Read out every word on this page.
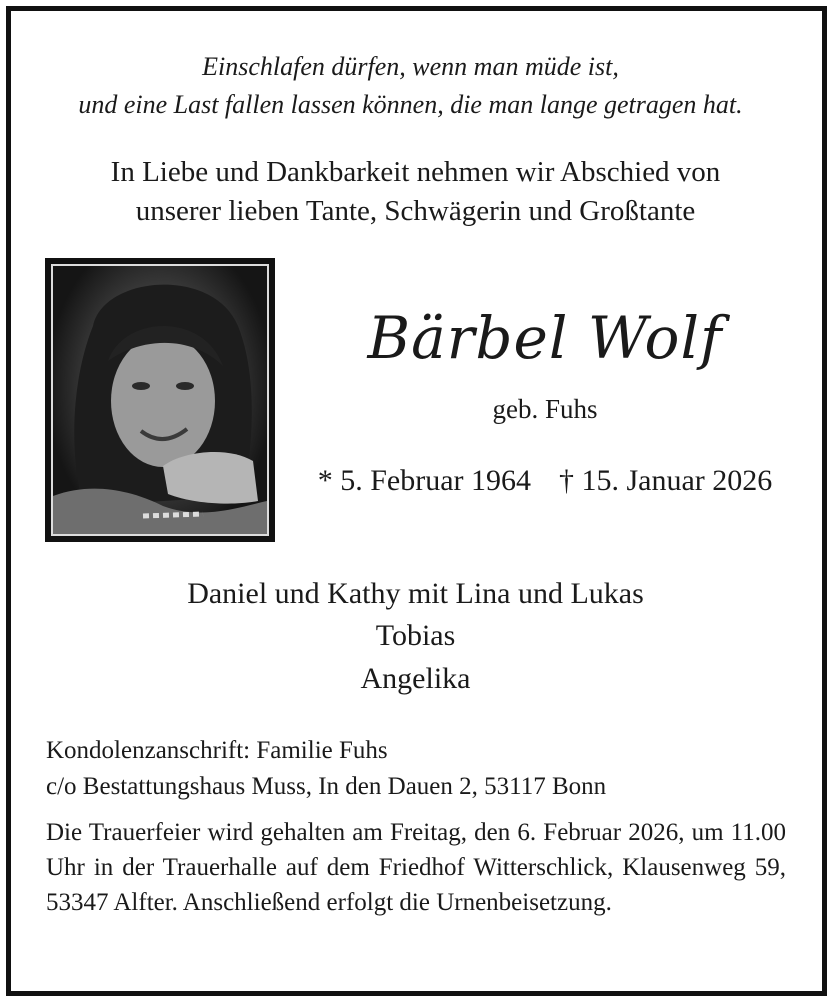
Einschlafen dürfen, wenn man müde ist,
und eine Last fallen lassen können, die man lange getragen hat.
In Liebe und Dankbarkeit nehmen wir Abschied von
unserer lieben Tante, Schwägerin und Großtante
Bärbel Wolf
geb. Fuhs
* 5. Februar 1964 † 15. Januar 2026
Daniel und Kathy mit Lina und Lukas
Tobias
Angelika
Kondolenzanschrift: Familie Fuhs
c/o Bestattungshaus Muss, In den Dauen 2, 53117 Bonn
Die Trauerfeier wird gehalten am Freitag, den 6. Februar 2026, um 11.00 Uhr in der Trauerhalle auf dem Friedhof Witterschlick, Klausenweg 59, 53347 Alfter. Anschließend erfolgt die Urnenbeisetzung.
